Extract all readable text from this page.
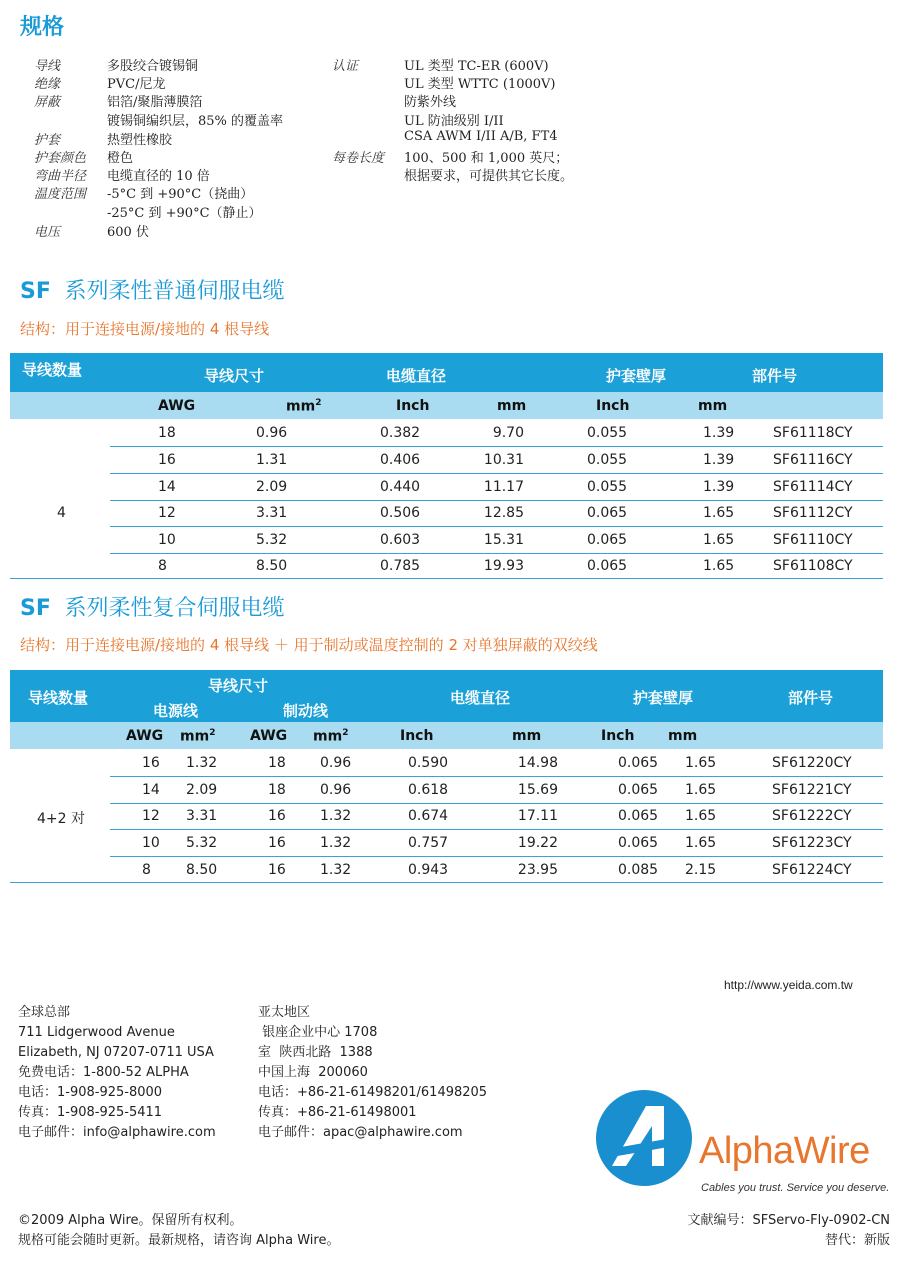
规格
导线	多股绞合镀锡铜
绝缘	PVC/尼龙
屏蔽	铝箔/聚脂薄膜箔
镀锡铜编织层，85% 的覆盖率
护套	热塑性橡胶
护套颜色 橙色
弯曲半径 电缆直径的 10 倍
温度范围 -5°C 到 +90°C（挠曲）
-25°C 到 +90°C（静止）
电压	600 伏
认证	UL 类型 TC-ER (600V)
UL 类型 WTTC (1000V)
防紫外线
UL 防油级别 I/II
CSA AWM I/II A/B, FT4
每卷长度 100、500 和 1,000 英尺；
根据要求，可提供其它长度。
SF 系列柔性普通伺服电缆
结构：用于连接电源/接地的 4 根导线
导线数量	导线尺寸	电缆直径	护套壁厚	部件号
AWG	$mm^2$	Inch	mm	Inch	mm
4
18	0.96	0.382	9.70	0.055	1.39	SF61118CY
16	1.31	0.406	10.31	0.055	1.39	SF61116CY
14	2.09	0.440	11.17	0.055	1.39	SF61114CY
12	3.31	0.506	12.85	0.065	1.65	SF61112CY
10	5.32	0.603	15.31	0.065	1.65	SF61110CY
8	8.50	0.785	19.93	0.065	1.65	SF61108CY
SF 系列柔性复合伺服电缆
结构：用于连接电源/接地的 4 根导线 ＋ 用于制动或温度控制的 2 对单独屏蔽的双绞线
导线数量
导线尺寸
电源线	制动线
电缆直径	护套壁厚	部件号
AWG $mm^2$ AWG $mm^2$	Inch	mm	Inch mm
4+2 对
16 1.32	18 0.96	0.590	14.98	0.065 1.65	SF61220CY
14 2.09	18 0.96	0.618	15.69	0.065 1.65	SF61221CY
12 3.31	16 1.32	0.674	17.11	0.065 1.65	SF61222CY
10 5.32	16 1.32	0.757	19.22	0.065 1.65	SF61223CY
8	8.50	16 1.32	0.943	23.95	0.085 2.15	SF61224CY
http://www.yeida.com.tw
全球总部
711 Lidgerwood Avenue
Elizabeth, NJ 07207-0711 USA
免费电话：1-800-52 ALPHA
电话：1-908-925-8000
传真：1-908-925-5411
电子邮件：info@alphawire.com
亚太地区
银座企业中心 1708
室  陕西北路  1388
中国上海  200060
电话：+86-21-61498201/61498205
传真：+86-21-61498001
电子邮件：apac@alphawire.com	AlphaWire
Cables you trust. Service you deserve.
©2009 Alpha Wire。保留所有权利。
规格可能会随时更新。最新规格，请咨询 Alpha Wire。
文献编号：SFServo-Fly-0902-CN
替代：新版
